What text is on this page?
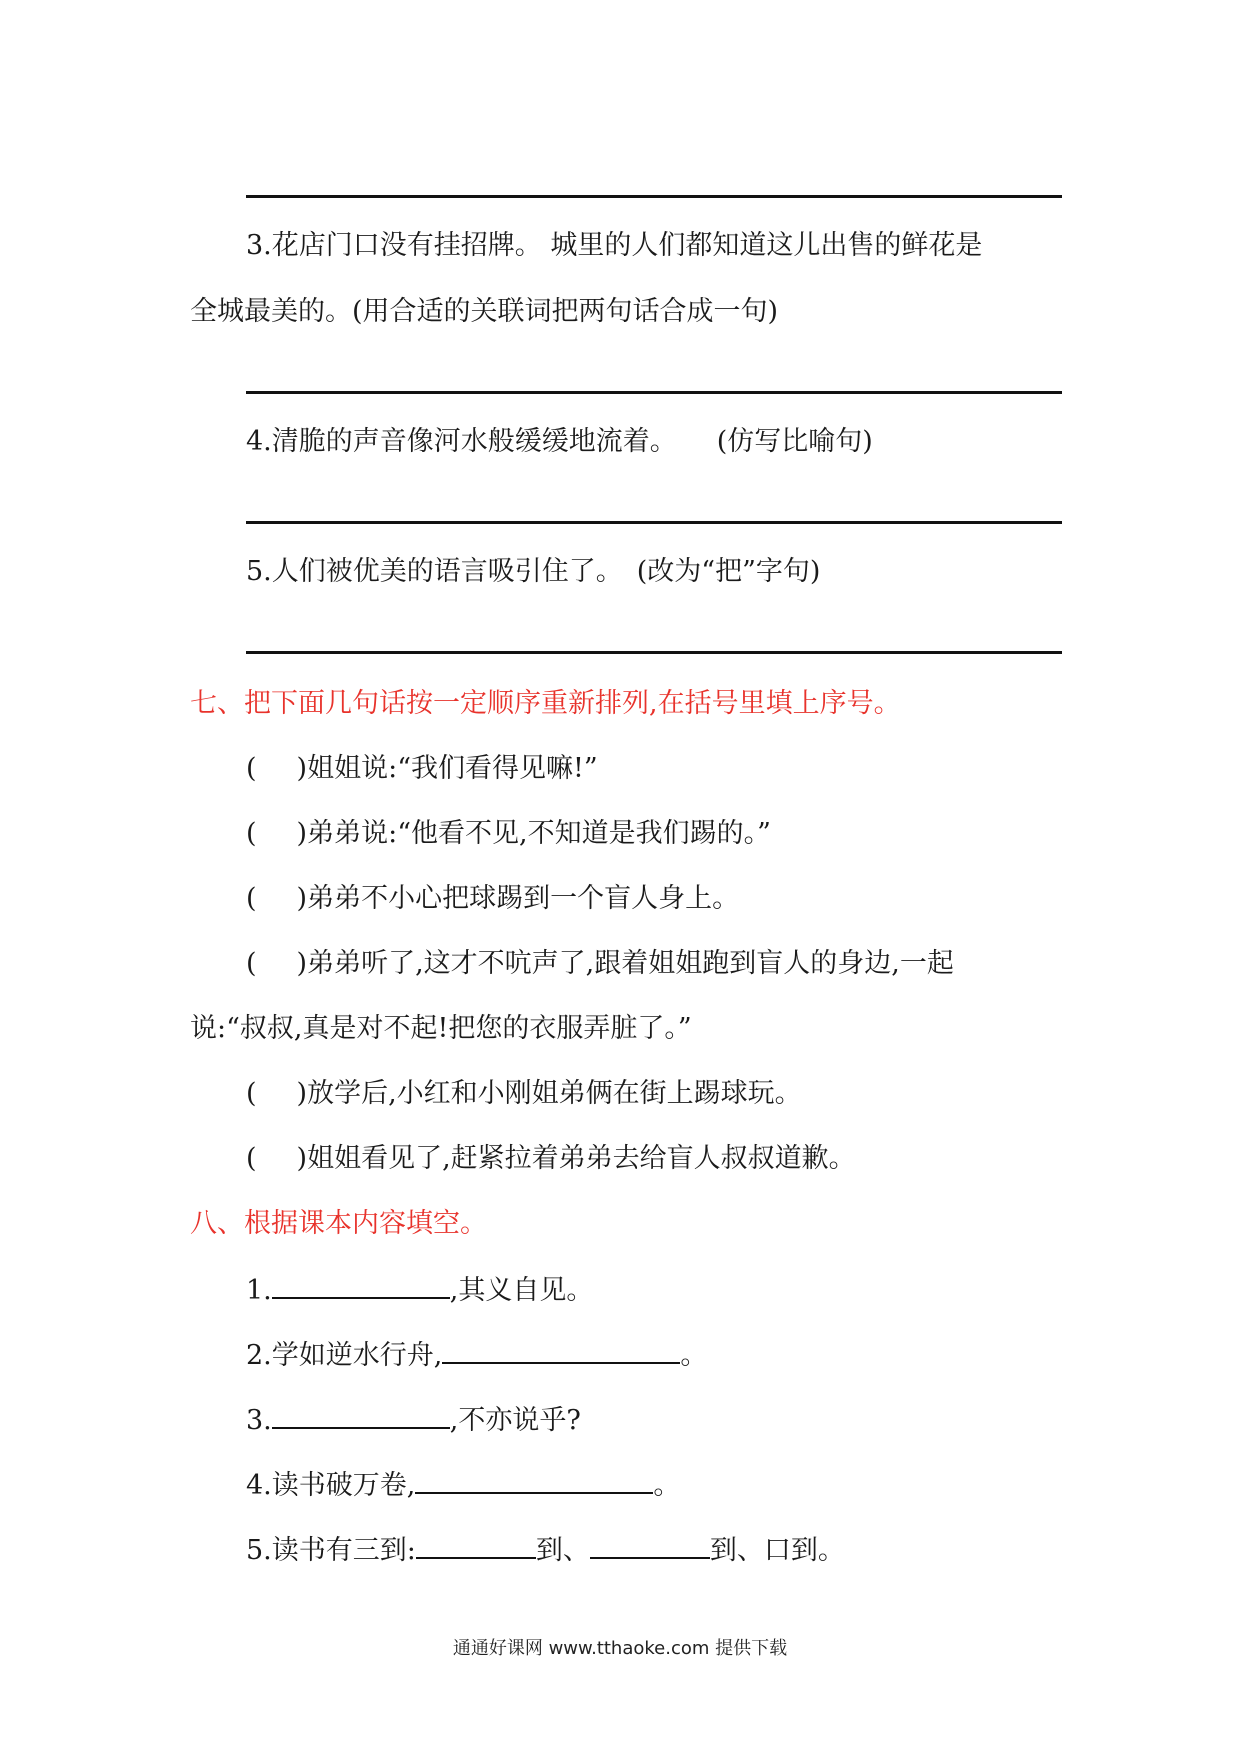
3.花店门口没有挂招牌。 城里的人们都知道这儿出售的鲜花是
全城最美的。(用合适的关联词把两句话合成一句)
4.清脆的声音像河水般缓缓地流着。 (仿写比喻句)
5.人们被优美的语言吸引住了。 (改为“把”字句)
七、把下面几句话按一定顺序重新排列,在括号里填上序号。
( )姐姐说:“我们看得见嘛!”
( )弟弟说:“他看不见,不知道是我们踢的。”
( )弟弟不小心把球踢到一个盲人身上。
( )弟弟听了,这才不吭声了,跟着姐姐跑到盲人的身边,一起
说:“叔叔,真是对不起!把您的衣服弄脏了。”
( )放学后,小红和小刚姐弟俩在街上踢球玩。
( )姐姐看见了,赶紧拉着弟弟去给盲人叔叔道歉。
八、根据课本内容填空。
1.	,其义自见。
2.学如逆水行舟,	。
3.	,不亦说乎?
4.读书破万卷,	。
5.读书有三到:	到、	到、口到。
通通好课网 www.tthaoke.com 提供下载
